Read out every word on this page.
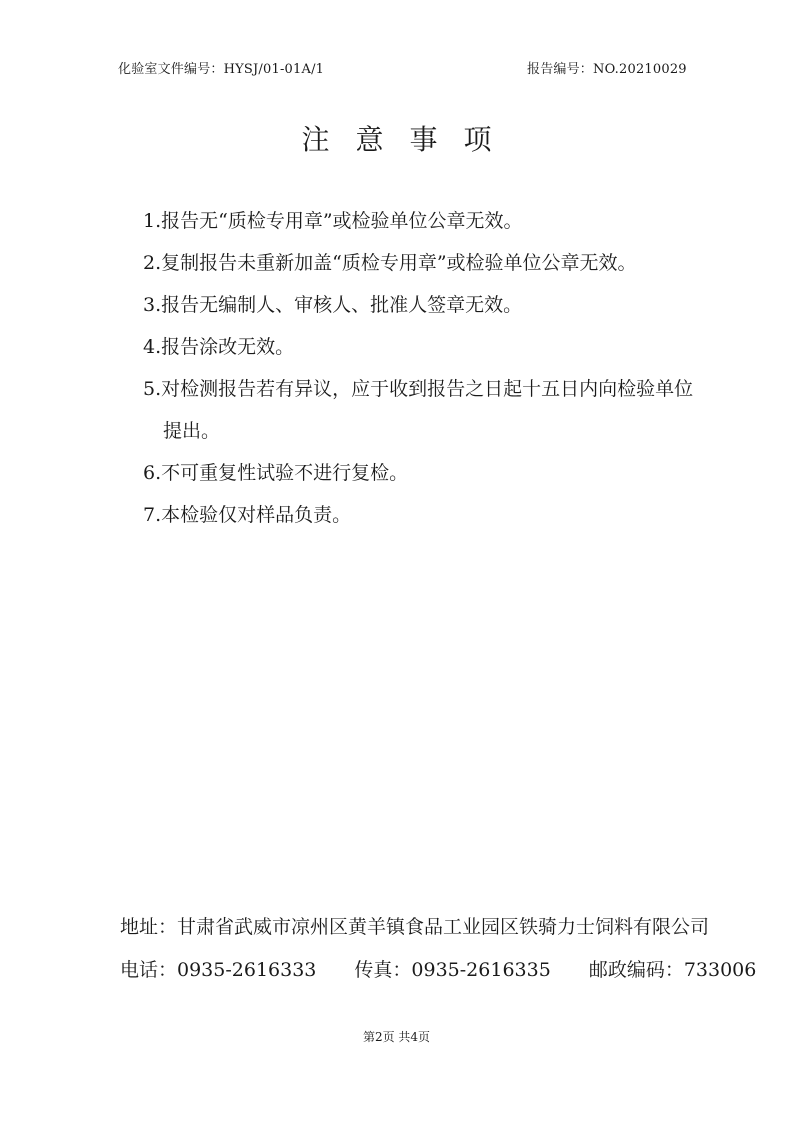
化验室文件编号：HYSJ/01-01A/1	报告编号：NO.20210029
注意事项
1.报告无“质检专用章”或检验单位公章无效。
2.复制报告未重新加盖“质检专用章”或检验单位公章无效。
3.报告无编制人、审核人、批准人签章无效。
4.报告涂改无效。
5.对检测报告若有异议，应于收到报告之日起十五日内向检验单位
提出。
6.不可重复性试验不进行复检。
7.本检验仅对样品负责。
地址：甘肃省武威市凉州区黄羊镇食品工业园区铁骑力士饲料有限公司
电话：0935-2616333 传真：0935-2616335 邮政编码：733006
第2页 共4页
